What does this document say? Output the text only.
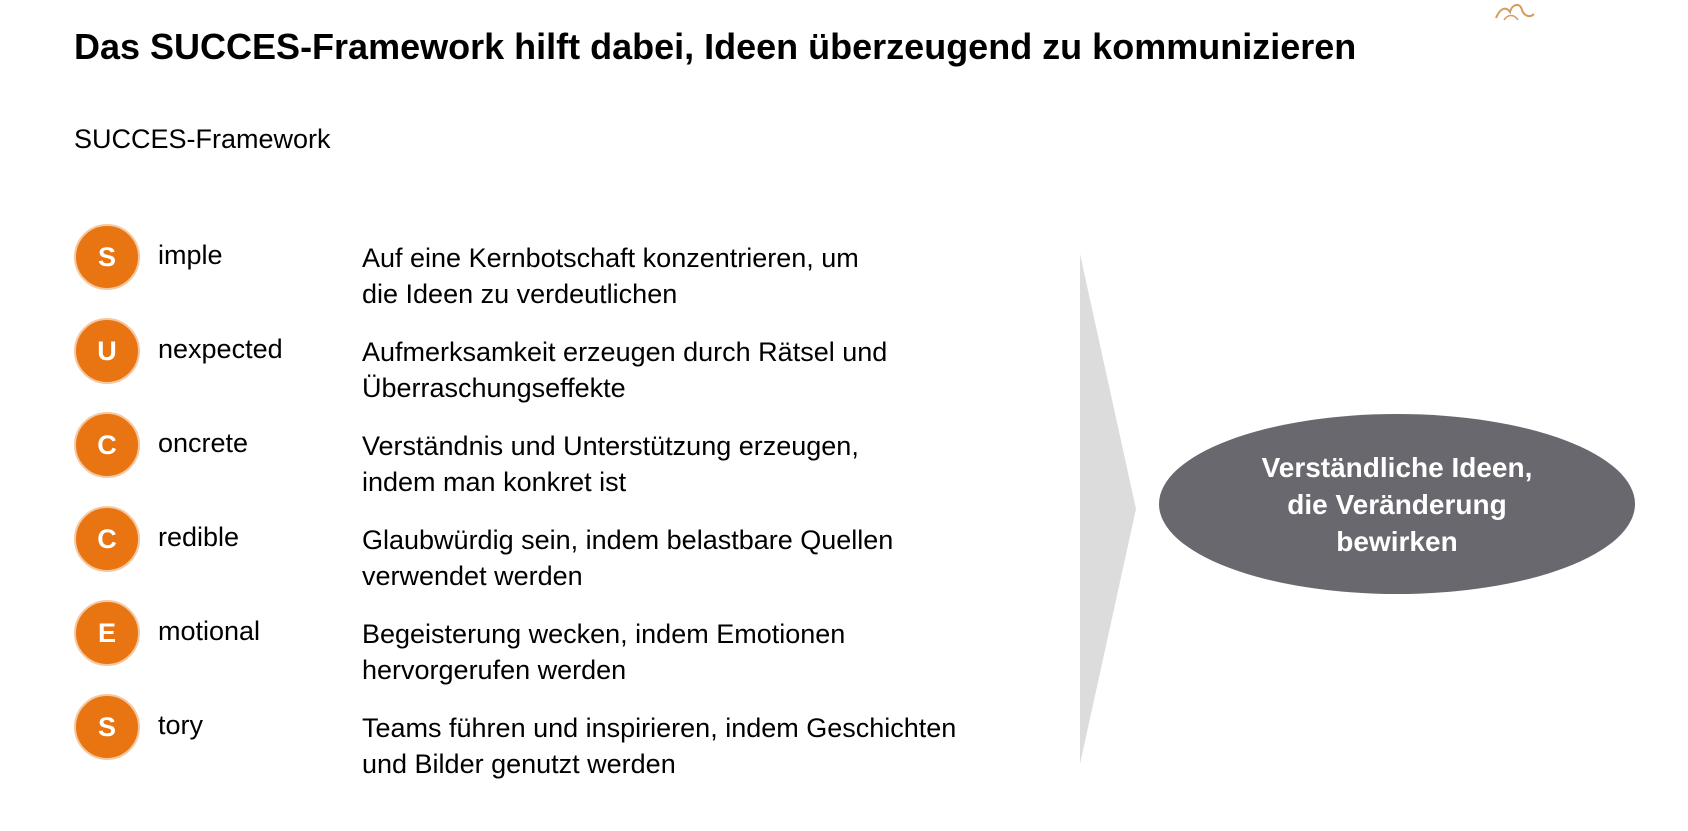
Das SUCCES-Framework hilft dabei, Ideen überzeugend zu kommunizieren
SUCCES-Framework
S	imple	Auf eine Kernbotschaft konzentrieren, um
die Ideen zu verdeutlichen
U	nexpected	Aufmerksamkeit erzeugen durch Rätsel und
Überraschungseffekte
C	oncrete	Verständnis und Unterstützung erzeugen,
indem man konkret ist
C	redible	Glaubwürdig sein, indem belastbare Quellen
verwendet werden
E	motional	Begeisterung wecken, indem Emotionen
hervorgerufen werden
S	tory	Teams führen und inspirieren, indem Geschichten
und Bilder genutzt werden
Verständliche Ideen,
die Veränderung
bewirken
